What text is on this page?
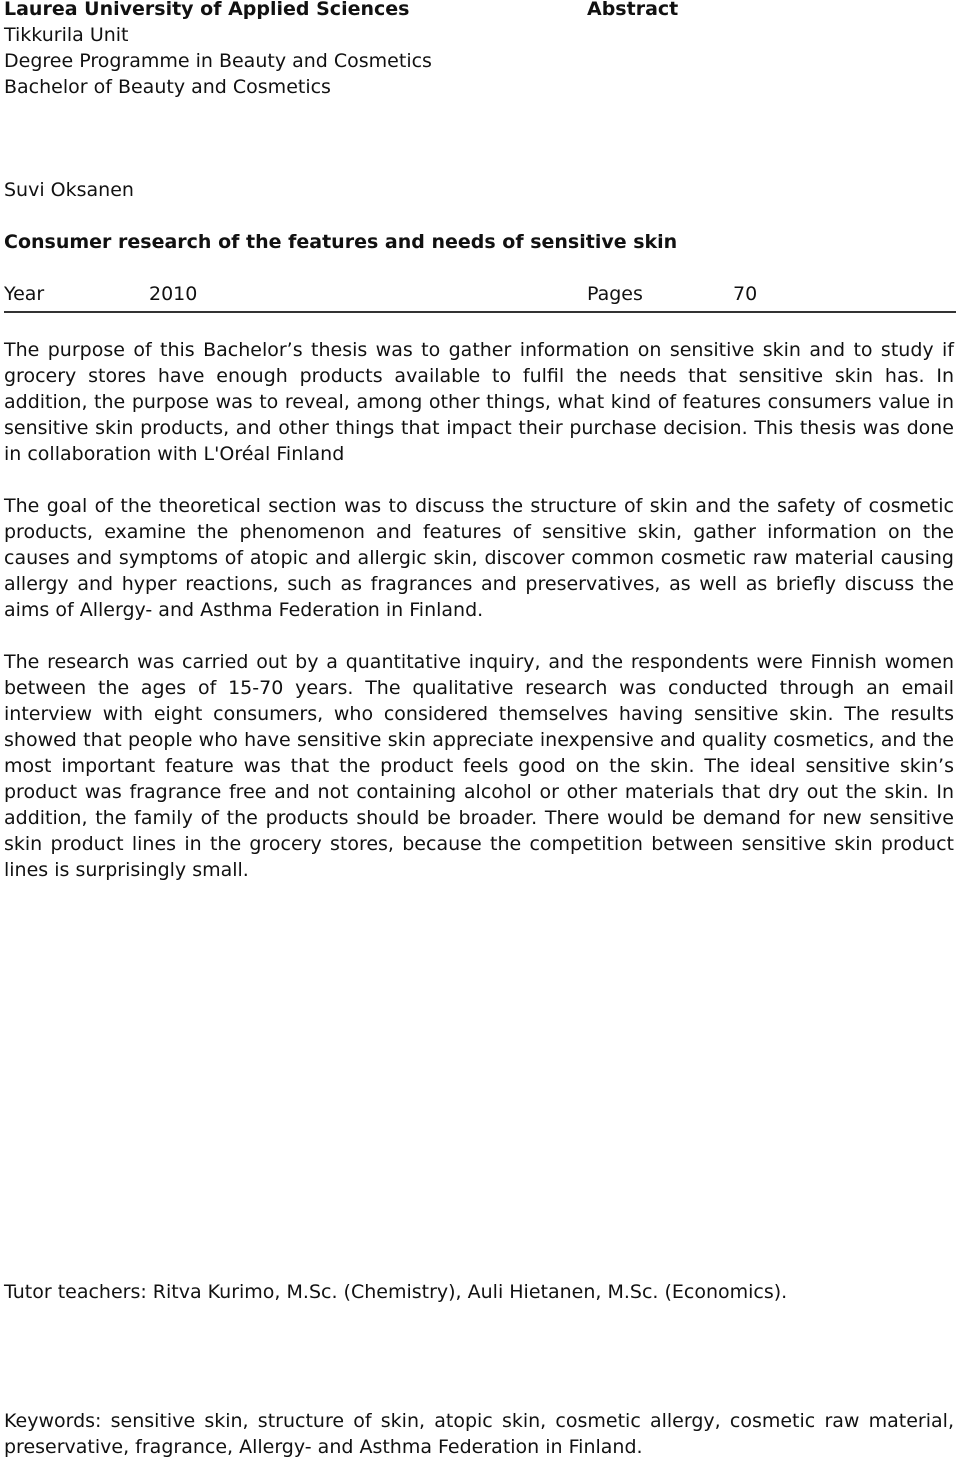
Laurea University of Applied Sciences
Tikkurila Unit
Degree Programme in Beauty and Cosmetics
Bachelor of Beauty and Cosmetics
Abstract
Suvi Oksanen
Consumer research of the features and needs of sensitive skin
Year	2010	Pages	70

The purpose of this Bachelor’s thesis was to gather information on sensitive skin and to study if grocery stores have enough products available to fulfil the needs that sensitive skin has. In addition, the purpose was to reveal, among other things, what kind of features consumers value in sensitive skin products, and other things that impact their purchase decision. This thesis was done in collaboration with L'Oréal Finland

The goal of the theoretical section was to discuss the structure of skin and the safety of cosmetic products, examine the phenomenon and features of sensitive skin, gather information on the causes and symptoms of atopic and allergic skin, discover common cosmetic raw material causing allergy and hyper reactions, such as fragrances and preservatives, as well as briefly discuss the aims of Allergy- and Asthma Federation in Finland.

The research was carried out by a quantitative inquiry, and the respondents were Finnish women between the ages of 15-70 years. The qualitative research was conducted through an email interview with eight consumers, who considered themselves having sensitive skin. The results showed that people who have sensitive skin appreciate inexpensive and quality cosmetics, and the most important feature was that the product feels good on the skin. The ideal sensitive skin’s product was fragrance free and not containing alcohol or other materials that dry out the skin. In addition, the family of the products should be broader. There would be demand for new sensitive skin product lines in the grocery stores, because the competition between sensitive skin product lines is surprisingly small.

Tutor teachers: Ritva Kurimo, M.Sc. (Chemistry), Auli Hietanen, M.Sc. (Economics).
Keywords: sensitive skin, structure of skin, atopic skin, cosmetic allergy, cosmetic raw material, preservative, fragrance, Allergy- and Asthma Federation in Finland.
